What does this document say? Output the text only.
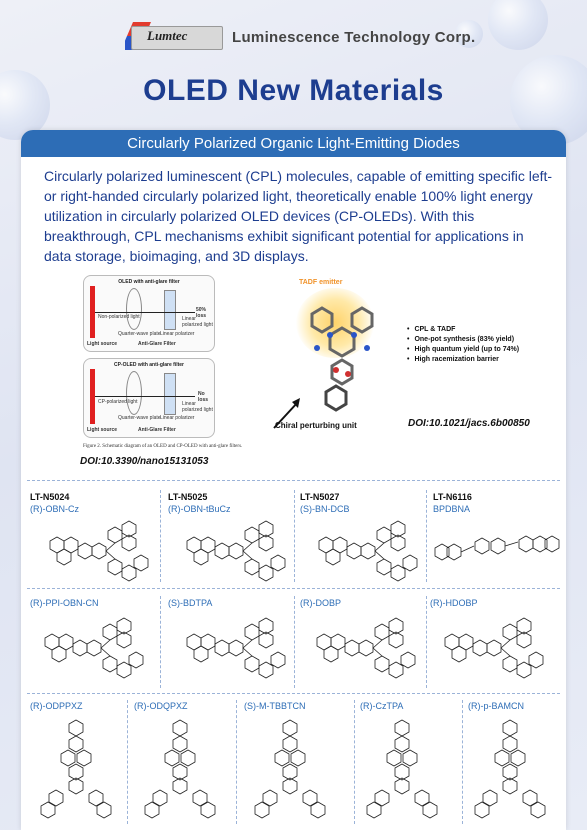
Lumtec	Luminescence Technology Corp.
OLED New Materials
Circularly Polarized Organic Light-Emitting Diodes
Circularly polarized luminescent (CPL) molecules, capable of emitting specific left- or right-handed circularly polarized light, theoretically enable 100% light energy utilization in circularly polarized OLED devices (CP-OLEDs). With this breakthrough, CPL mechanisms exhibit significant potential for applications in data storage, bioimaging, and 3D displays.
OLED with anti-glare filter
Non-polarized light
Quarter-wave plate Linear polarizer
Linear polarized light
50% loss
Light source	Anti-Glare Filter
CP-OLED with anti-glare filter
CP-polarized light
Quarter-wave plate Linear polarizer
Linear polarized light
No loss
Light source	Anti-Glare Filter
Figure 2. Schematic diagram of an OLED and CP-OLED with anti-glare filters.
DOI:10.3390/nano15131053
TADF emitter
Chiral perturbing unit
• CPL & TADF
• One-pot synthesis (83% yield)
• High quantum yield (up to 74%)
• High racemization barrier
DOI:10.1021/jacs.6b00850
LT-N5024
(R)-OBN-Cz
LT-N5025
(R)-OBN-tBuCz
LT-N5027
(S)-BN-DCB
LT-N6116
BPDBNA
(R)-PPI-OBN-CN	(S)-BDTPA	(R)-DOBP	(R)-HDOBP
(R)-ODPPXZ	(R)-ODQPXZ	(S)-M-TBBTCN	(R)-CzTPA	(R)-p-BAMCN
